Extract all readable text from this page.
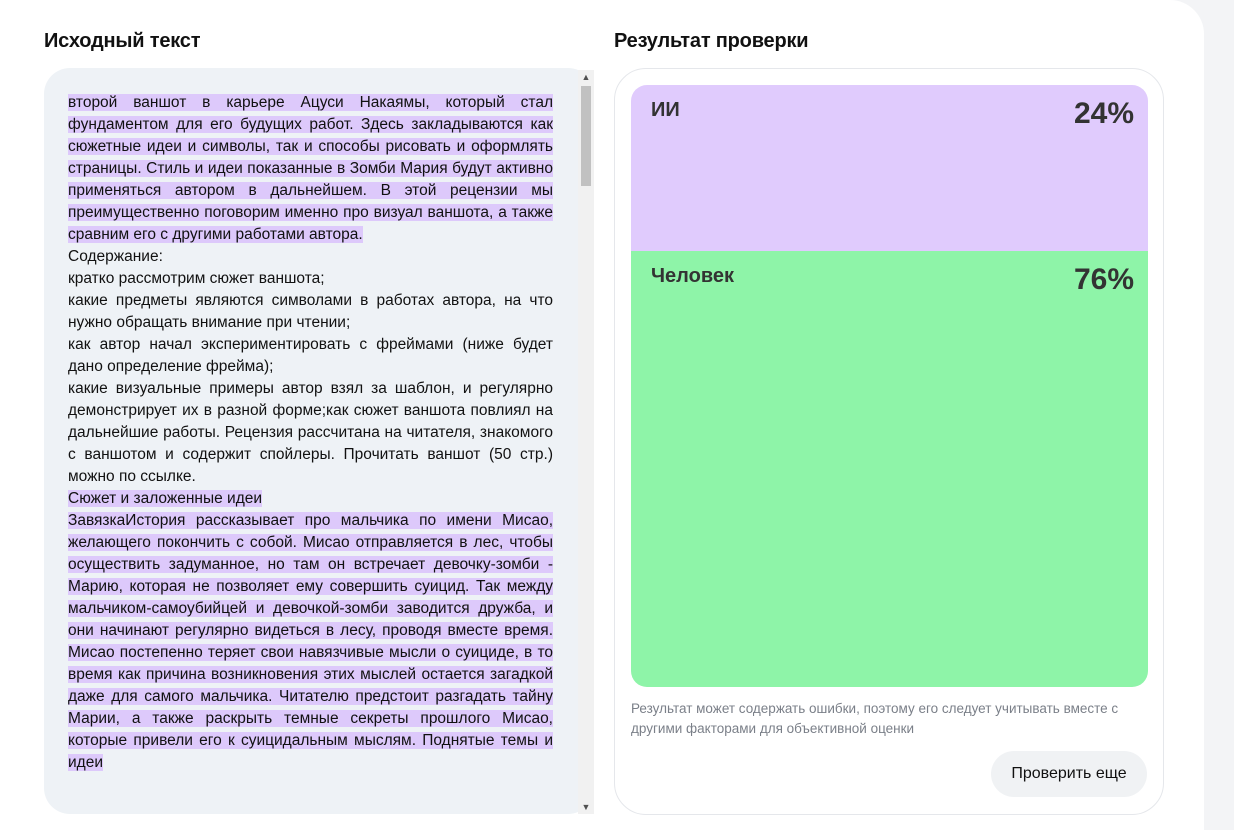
Исходный текст	Результат проверки
второй ваншот в карьере Ацуси Накаямы, который стал фундаментом для его будущих работ. Здесь закладываются как сюжетные идеи и символы, так и способы рисовать и оформлять страницы. Стиль и идеи показанные в Зомби Мария будут активно применяться автором в дальнейшем. В этой рецензии мы преимущественно поговорим именно про визуал ваншота, а также сравним его с другими работами автора.
Содержание:
кратко рассмотрим сюжет ваншота;
какие предметы являются символами в работах автора, на что нужно обращать внимание при чтении;
как автор начал экспериментировать с фреймами (ниже будет дано определение фрейма);
какие визуальные примеры автор взял за шаблон, и регулярно демонстрирует их в разной форме;как сюжет ваншота повлиял на дальнейшие работы. Рецензия рассчитана на читателя, знакомого с ваншотом и содержит спойлеры. Прочитать ваншот (50 стр.) можно по ссылке.
Сюжет и заложенные идеи
ЗавязкаИстория рассказывает про мальчика по имени Мисао, желающего покончить с собой. Мисао отправляется в лес, чтобы осуществить задуманное, но там он встречает девочку-зомби - Марию, которая не позволяет ему совершить суицид. Так между мальчиком-самоубийцей и девочкой-зомби заводится дружба, и они начинают регулярно видеться в лесу, проводя вместе время. Мисао постепенно теряет свои навязчивые мысли о суициде, в то время как причина возникновения этих мыслей остается загадкой даже для самого мальчика. Читателю предстоит разгадать тайну Марии, а также раскрыть темные секреты прошлого Мисао, которые привели его к суицидальным мыслям. Поднятые темы и идеи
▲
▼
ИИ	24%
Человек	76%

Результат может содержать ошибки, поэтому его следует учитывать вместе с другими факторами для объективной оценки

Проверить еще
